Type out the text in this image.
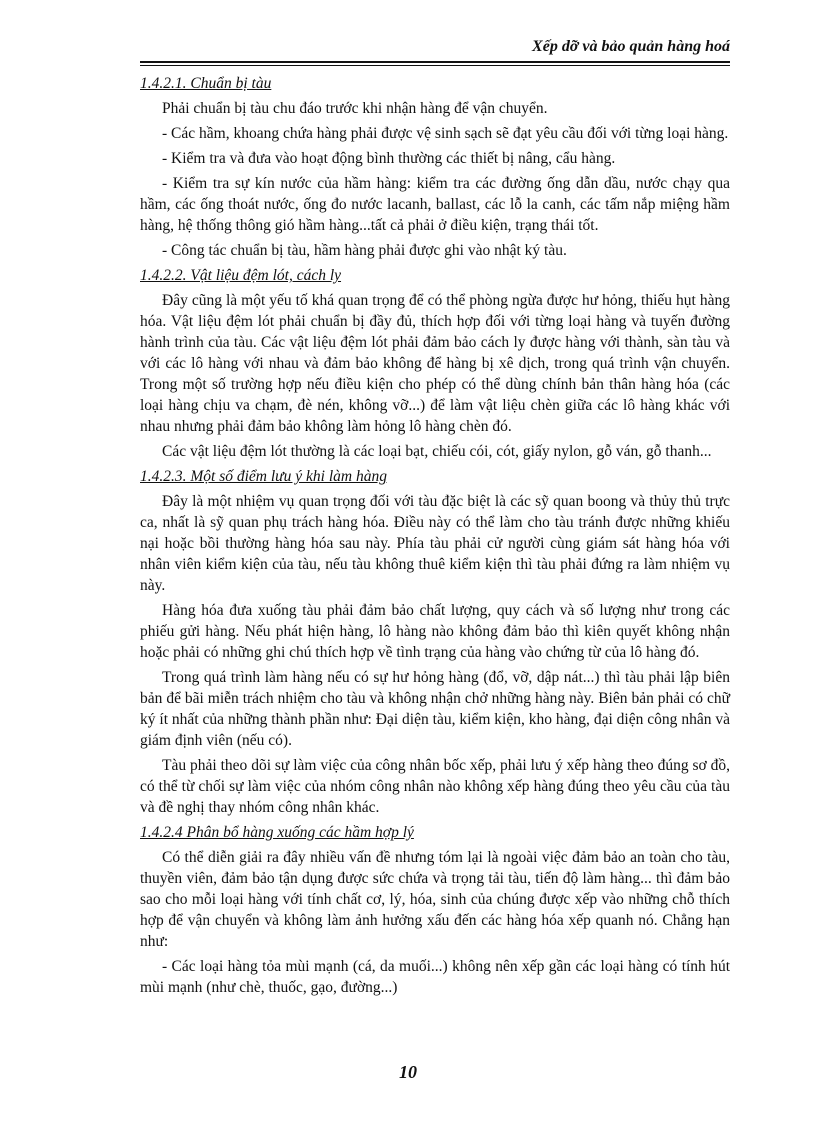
Xếp dỡ và bảo quản hàng hoá
1.4.2.1. Chuẩn bị tàu

Phải chuẩn bị tàu chu đáo trước khi nhận hàng để vận chuyển.

- Các hầm, khoang chứa hàng phải được vệ sinh sạch sẽ đạt yêu cầu đối với từng loại hàng.

- Kiểm tra và đưa vào hoạt động bình thường các thiết bị nâng, cẩu hàng.

- Kiểm tra sự kín nước của hầm hàng: kiểm tra các đường ống dẫn dầu, nước chạy qua hầm, các ống thoát nước, ống đo nước lacanh, ballast, các lỗ la canh, các tấm nắp miệng hầm hàng, hệ thống thông gió hầm hàng...tất cả phải ở điều kiện, trạng thái tốt.

- Công tác chuẩn bị tàu, hầm hàng phải được ghi vào nhật ký tàu.

1.4.2.2. Vật liệu đệm lót, cách ly

Đây cũng là một yếu tố khá quan trọng để có thể phòng ngừa được hư hỏng, thiếu hụt hàng hóa. Vật liệu đệm lót phải chuẩn bị đầy đủ, thích hợp đối với từng loại hàng và tuyến đường hành trình của tàu. Các vật liệu đệm lót phải đảm bảo cách ly được hàng với thành, sàn tàu và với các lô hàng với nhau và đảm bảo không để hàng bị xê dịch, trong quá trình vận chuyển. Trong một số trường hợp nếu điều kiện cho phép có thể dùng chính bản thân hàng hóa (các loại hàng chịu va chạm, đè nén, không vỡ...) để làm vật liệu chèn giữa các lô hàng khác với nhau nhưng phải đảm bảo không làm hỏng lô hàng chèn đó.

Các vật liệu đệm lót thường là các loại bạt, chiếu cói, cót, giấy nylon, gỗ ván, gỗ thanh...

1.4.2.3. Một số điểm lưu ý khi làm hàng

Đây là một nhiệm vụ quan trọng đối với tàu đặc biệt là các sỹ quan boong và thủy thủ trực ca, nhất là sỹ quan phụ trách hàng hóa. Điều này có thể làm cho tàu tránh được những khiếu nại hoặc bồi thường hàng hóa sau này. Phía tàu phải cử người cùng giám sát hàng hóa với nhân viên kiểm kiện của tàu, nếu tàu không thuê kiểm kiện thì tàu phải đứng ra làm nhiệm vụ này.

Hàng hóa đưa xuống tàu phải đảm bảo chất lượng, quy cách và số lượng như trong các phiếu gửi hàng. Nếu phát hiện hàng, lô hàng nào không đảm bảo thì kiên quyết không nhận hoặc phải có những ghi chú thích hợp về tình trạng của hàng vào chứng từ của lô hàng đó.

Trong quá trình làm hàng nếu có sự hư hỏng hàng (đổ, vỡ, dập nát...) thì tàu phải lập biên bản để bãi miễn trách nhiệm cho tàu và không nhận chở những hàng này. Biên bản phải có chữ ký ít nhất của những thành phần như: Đại diện tàu, kiểm kiện, kho hàng, đại diện công nhân và giám định viên (nếu có).

Tàu phải theo dõi sự làm việc của công nhân bốc xếp, phải lưu ý xếp hàng theo đúng sơ đồ, có thể từ chối sự làm việc của nhóm công nhân nào không xếp hàng đúng theo yêu cầu của tàu và đề nghị thay nhóm công nhân khác.

1.4.2.4 Phân bổ hàng xuống các hầm hợp lý

Có thể diễn giải ra đây nhiều vấn đề nhưng tóm lại là ngoài việc đảm bảo an toàn cho tàu, thuyền viên, đảm bảo tận dụng được sức chứa và trọng tải tàu, tiến độ làm hàng... thì đảm bảo sao cho mỗi loại hàng với tính chất cơ, lý, hóa, sinh của chúng được xếp vào những chỗ thích hợp để vận chuyển và không làm ảnh hưởng xấu đến các hàng hóa xếp quanh nó. Chẳng hạn như:

- Các loại hàng tỏa mùi mạnh (cá, da muối...) không nên xếp gần các loại hàng có tính hút mùi mạnh (như chè, thuốc, gạo, đường...)

10
